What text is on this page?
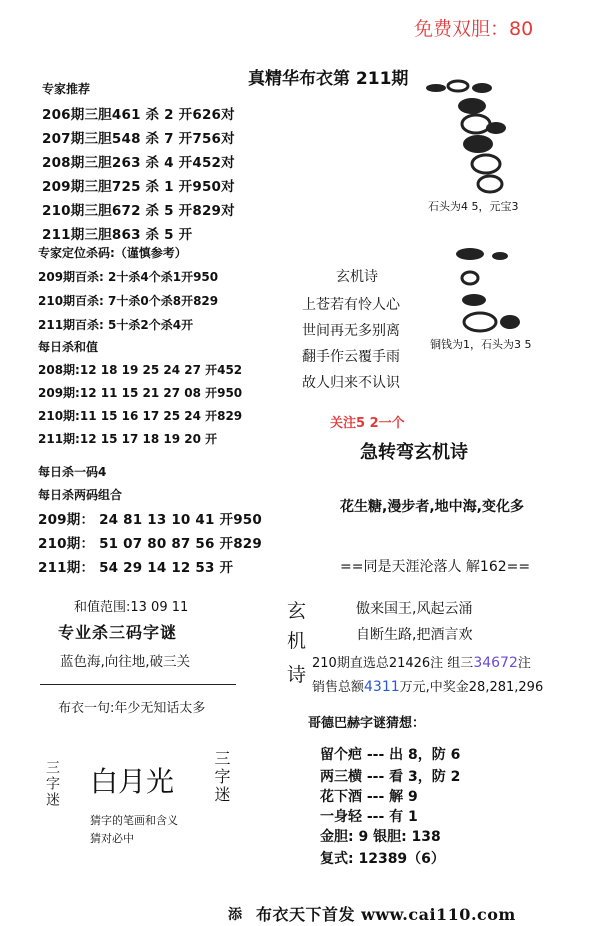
免费双胆：80
真精华布衣第 211期
专家推荐
206期三胆461 杀 2 开626对
207期三胆548 杀 7 开756对
208期三胆263 杀 4 开452对
209期三胆725 杀 1 开950对
210期三胆672 杀 5 开829对
211期三胆863 杀 5 开
专家定位杀码:（谨慎参考）
209期百杀: 2十杀4个杀1开950
210期百杀: 7十杀0个杀8开829
211期百杀: 5十杀2个杀4开
每日杀和值
208期:12 18 19 25 24 27 开452
209期:12 11 15 21 27 08 开950
210期:11 15 16 17 25 24 开829
211期:12 15 17 18 19 20 开
每日杀一码4
每日杀两码组合
209期： 24 81 13 10 41 开950
210期： 51 07 80 87 56 开829
211期： 54 29 14 12 53 开
和值范围:13 09 11
专业杀三码字谜
蓝色海,向往地,破三关
布衣一句:年少无知话太多
三字迷 白月光 三字迷
猜字的笔画和含义
猜对必中
石头为4 5，元宝3
铜钱为1，石头为3 5
玄机诗
上苍若有怜人心
世间再无多别离
翻手作云覆手雨
故人归来不认识
关注5 2一个
急转弯玄机诗
花生糖,漫步者,地中海,变化多
==同是天涯沦落人 解162==
玄
机
诗
傲来国王,风起云涌
自断生路,把酒言欢
210期直选总21426注 组三34672注
销售总额4311万元,中奖金28,281,296
哥德巴赫字谜猜想：
留个疤 --- 出 8，防 6
两三横 --- 看 3，防 2
花下酒 --- 解 9
一身轻 --- 有 1
金胆: 9 银胆: 138
复式: 12389（6）
添 布衣天下首发 www.cai110.com
